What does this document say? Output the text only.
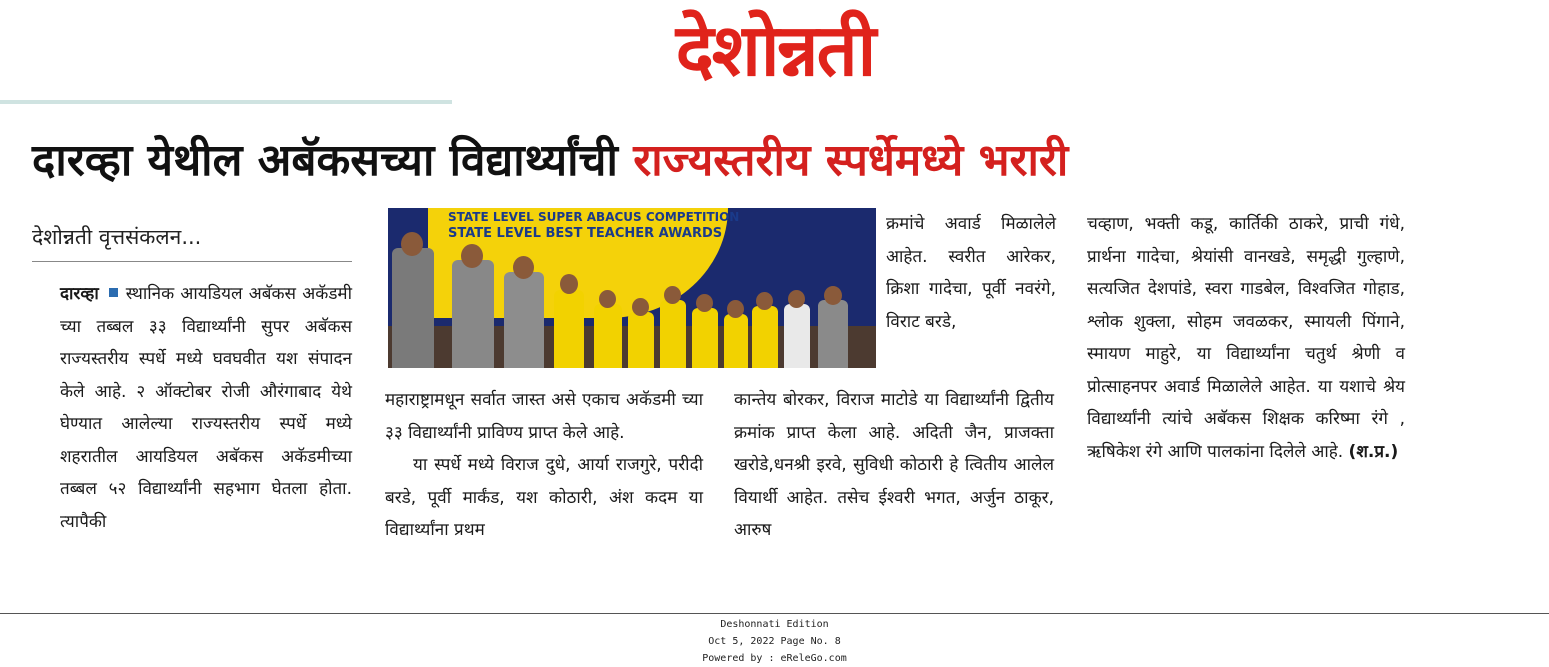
देशोन्नती
दारव्हा येथील अबॅकसच्या विद्यार्थ्यांची राज्यस्तरीय स्पर्धेमध्ये भरारी
देशोन्नती वृत्तसंकलन...

दारव्हा स्थानिक आयडियल अबॅकस अकॅडमी च्या तब्बल ३३ विद्यार्थ्यांनी सुपर अबॅकस राज्यस्तरीय स्पर्धे मध्ये घवघवीत यश संपादन केले आहे. २ ऑक्टोबर रोजी औरंगाबाद येथे घेण्यात आलेल्या राज्यस्तरीय स्पर्धे मध्ये शहरातील आयडियल अबॅकस अकॅडमीच्या तब्बल ५२ विद्यार्थ्यांनी सहभाग घेतला होता. त्यापैकी

STATE LEVEL SUPER ABACUS COMPETITION
STATE LEVEL BEST TEACHER AWARDS	क्रमांचे अवार्ड मिळालेले आहेत. स्वरीत आरेकर, क्रिशा गादेचा, पूर्वी नवरंगे, विराट बरडे,

महाराष्ट्रामधून सर्वात जास्त असे एकाच अकॅडमी च्या ३३ विद्यार्थ्यांनी प्राविण्य प्राप्त केले आहे.

या स्पर्धे मध्ये विराज दुधे, आर्या राजगुरे, परीदी बरडे, पूर्वी मार्कंड, यश कोठारी, अंश कदम या विद्यार्थ्यांना प्रथम

कान्तेय बोरकर, विराज माटोडे या विद्यार्थ्यांनी द्वितीय क्रमांक प्राप्त केला आहे. अदिती जैन, प्राजक्ता खरोडे,धनश्री इरवे, सुविधी कोठारी हे त्वितीय आलेल वियार्थी आहेत. तसेच ईश्वरी भगत, अर्जुन ठाकूर, आरुष

चव्हाण, भक्ती कडू, कार्तिकी ठाकरे, प्राची गंधे, प्रार्थना गादेचा, श्रेयांसी वानखडे, समृद्धी गुल्हाणे, सत्यजित देशपांडे, स्वरा गाडबेल, विश्वजित गोहाड, श्लोक शुक्ला, सोहम जवळकर, स्मायली पिंगाने, स्मायण माहुरे, या विद्यार्थ्यांना चतुर्थ श्रेणी व प्रोत्साहनपर अवार्ड मिळालेले आहेत. या यशाचे श्रेय विद्यार्थ्यांनी त्यांचे अबॅकस शिक्षक करिष्मा रंगे , ऋषिकेश रंगे आणि पालकांना दिलेले आहे. (श.प्र.)

Deshonnati Edition
Oct 5, 2022 Page No. 8
Powered by : eReleGo.com
